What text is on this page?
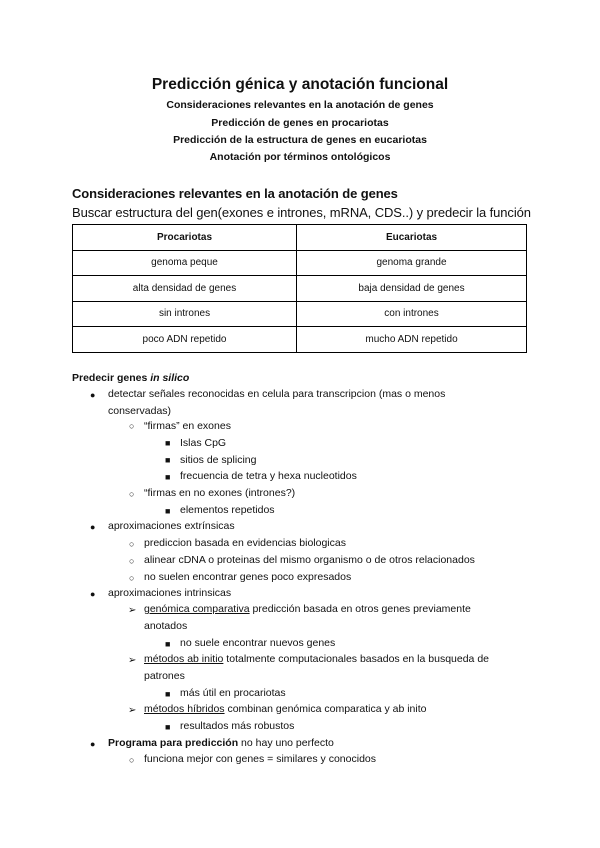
Predicción génica y anotación funcional
Consideraciones relevantes en la anotación de genes
Predicción de genes en procariotas
Predicción de la estructura de genes en eucariotas
Anotación por términos ontológicos
Consideraciones relevantes en la anotación de genes
Buscar estructura del gen(exones e intrones, mRNA, CDS..) y predecir la función
Procariotas	Eucariotas
genoma peque	genoma grande
alta densidad de genes	baja densidad de genes
sin intrones	con intrones
poco ADN repetido	mucho ADN repetido
Predecir genes in silico
● detectar señales reconocidas en celula para transcripcion (mas o menos
conservadas)
○ “firmas” en exones
■ Islas CpG
■ sitios de splicing
■ frecuencia de tetra y hexa nucleotidos
○ “firmas en no exones (intrones?)
■ elementos repetidos
● aproximaciones extrínsicas
○ prediccion basada en evidencias biologicas
○ alinear cDNA o proteinas del mismo organismo o de otros relacionados
○ no suelen encontrar genes poco expresados
● aproximaciones intrinsicas
➢ genómica comparativa predicción basada en otros genes previamente
anotados
■ no suele encontrar nuevos genes
➢ métodos ab initio totalmente computacionales basados en la busqueda de
patrones
■ más útil en procariotas
➢ métodos híbridos combinan genómica comparatica y ab inito
■ resultados más robustos
● Programa para predicción no hay uno perfecto
○ funciona mejor con genes = similares y conocidos
